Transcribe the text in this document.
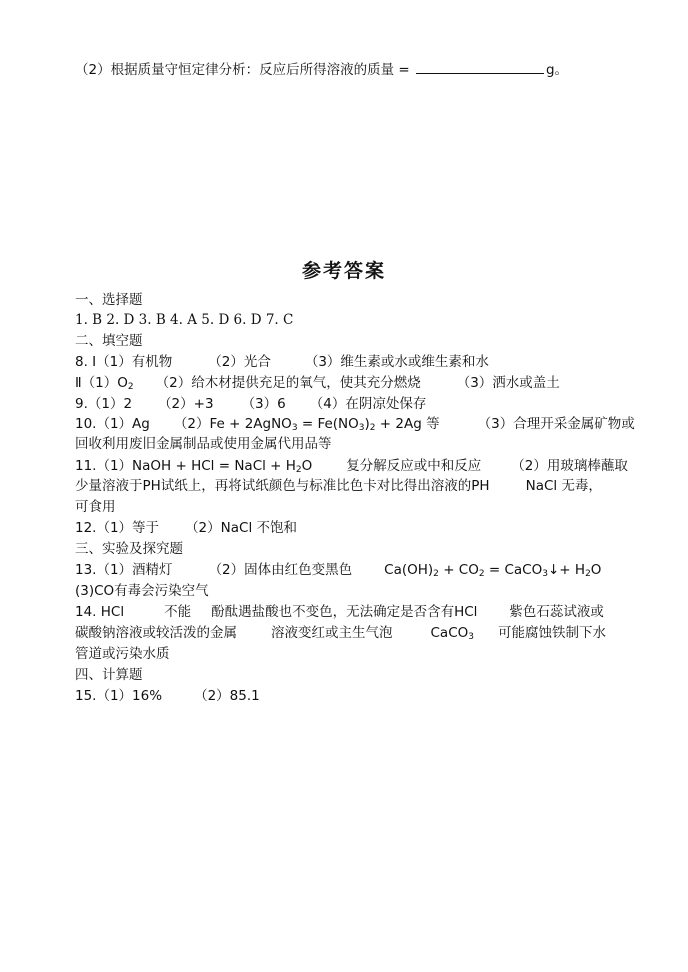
（2）根据质量守恒定律分析：反应后所得溶液的质量 =	g。
参考答案
一、选择题
1. B 2. D 3. B 4. A 5. D 6. D 7. C
二、填空题
8. Ⅰ（1）有机物	（2）光合	（3）维生素或水或维生素和水
$Ⅱ(1)O_2$ （2）给木材提供充足的氧气，使其充分燃烧	（3）洒水或盖土
9.（1）2 （2）+3 （3）6 （4）在阴凉处保存
10.（1）Ag （2）Fe + 2AgNO$_3$ = $Fe(NO_3)_2 + 2Ag$ 等	（3）合理开采金属矿物或
回收利用废旧金属制品或使用金属代用品等
11.（1）NaOH + HCl = NaCl + $H_2O$	复分解反应或中和反应 （2）用玻璃棒蘸取
少量溶液于PH试纸上，再将试纸颜色与标准比色卡对比得出溶液的PH	NaCl 无毒，
可食用
12.（1）等于 （2）NaCl 不饱和
三、实验及探究题
13.（1）酒精灯	（2）固体由红色变黑色 $Ca(OH)_2 + CO_2$ = CaCO$_3$↓+ $H_2O$
(3)CO有毒会污染空气
14. HCl	不能 酚酞遇盐酸也不变色，无法确定是否含有HCl 紫色石蕊试液或
碳酸钠溶液或较活泼的金属	溶液变红或主生气泡	CaCO$_3$ 可能腐蚀铁制下水
管道或污染水质
四、计算题
15.（1）16% （2）85.1
